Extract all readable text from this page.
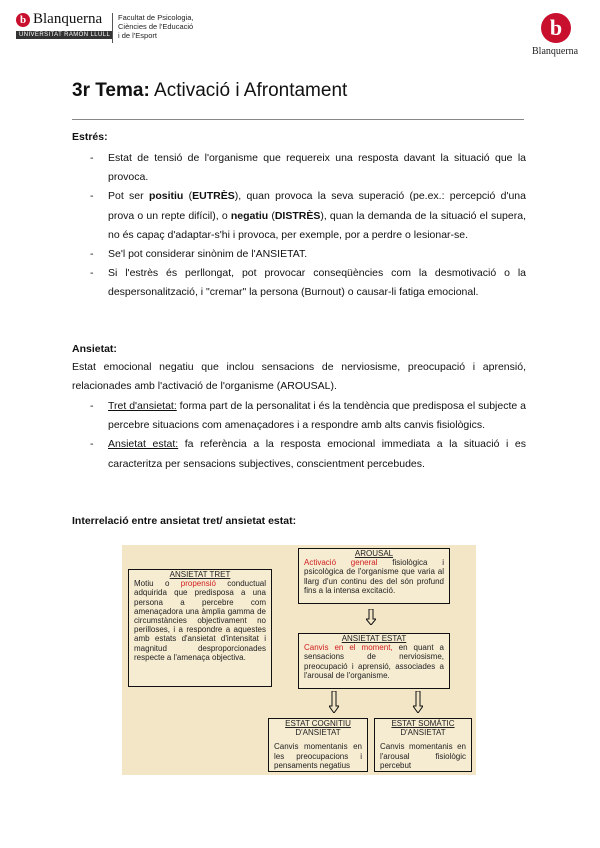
b Blanquerna
UNIVERSITAT RAMON LLULL
Facultat de Psicologia,
Ciències de l'Educació
i de l'Esport	b
Blanquerna
3r Tema: Activació i Afrontament
Estrés:
- Estat de tensió de l'organisme que requereix una resposta davant la situació que la provoca.
- Pot ser positiu (EUTRÈS), quan provoca la seva superació (pe.ex.: percepció d'una prova o un repte difícil), o negatiu (DISTRÈS), quan la demanda de la situació el supera, no és capaç d'adaptar-s'hi i provoca, per exemple, por a perdre o lesionar-se.
- Se'l pot considerar sinònim de l'ANSIETAT.
- Si l'estrès és perllongat, pot provocar conseqüències com la desmotivació o la despersonalització, i "cremar" la persona (Burnout) o causar-li fatiga emocional.
Ansietat:
Estat emocional negatiu que inclou sensacions de nerviosisme, preocupació i aprensió, relacionades amb l'activació de l'organisme (AROUSAL).
- Tret d'ansietat: forma part de la personalitat i és la tendència que predisposa el subjecte a percebre situacions com amenaçadores i a respondre amb alts canvis fisiològics.
- Ansietat estat: fa referència a la resposta emocional immediata a la situació i es caracteritza per sensacions subjectives, conscientment percebudes.
Interrelació entre ansietat tret/ ansietat estat:
ANSIETAT TRET
Motiu o propensió conductual adquirida que predisposa a una persona a percebre com amenaçadora una àmplia gamma de circumstàncies objectivament no perilloses, i a respondre a aquestes amb estats d'ansietat d'intensitat i magnitud desproporcionades respecte a l'amenaça objectiva.
AROUSAL
Activació general fisiològica i psicològica de l'organisme que varia al llarg d'un continu des del són profund fins a la intensa excitació.
ANSIETAT ESTAT
Canvis en el moment, en quant a sensacions de nerviosisme, preocupació i aprensió, associades a l'arousal de l'organisme.
ESTAT COGNITIU
D'ANSIETAT
Canvis momentanis en les preocupacions i pensaments negatius
ESTAT SOMÀTIC
D'ANSIETAT
Canvis momentanis en l'arousal fisiològic percebut
